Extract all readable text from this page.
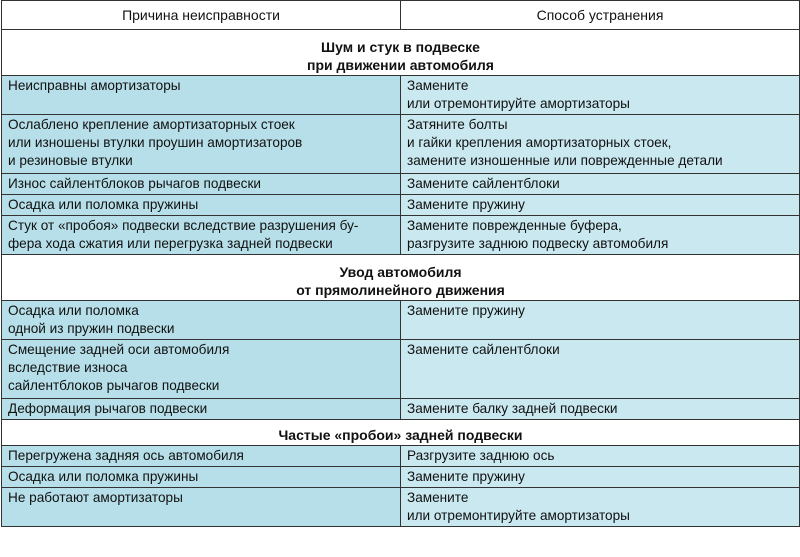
Причина неисправности	Способ устранения
Шум и стук в подвеске
при движении автомобиля	
Неисправны амортизаторы	Замените
или отремонтируйте амортизаторы
Ослаблено крепление амортизаторных стоек
или изношены втулки проушин амортизаторов
и резиновые втулки	Затяните болты
и гайки крепления амортизаторных стоек,
замените изношенные или поврежденные детали
Износ сайлентблоков рычагов подвески	Замените сайлентблоки
Осадка или поломка пружины	Замените пружину
Стук от «пробоя» подвески вследствие разрушения бу-
фера хода сжатия или перегрузка задней подвески	Замените поврежденные буфера,
разгрузите заднюю подвеску автомобиля
Увод автомобиля
от прямолинейного движения	
Осадка или поломка
одной из пружин подвески	Замените пружину
Смещение задней оси автомобиля
вследствие износа
сайлентблоков рычагов подвески	Замените сайлентблоки
Деформация рычагов подвески	Замените балку задней подвески
Частые «пробои» задней подвески	
Перегружена задняя ось автомобиля	Разгрузите заднюю ось
Осадка или поломка пружины	Замените пружину
Не работают амортизаторы	Замените
или отремонтируйте амортизаторы
